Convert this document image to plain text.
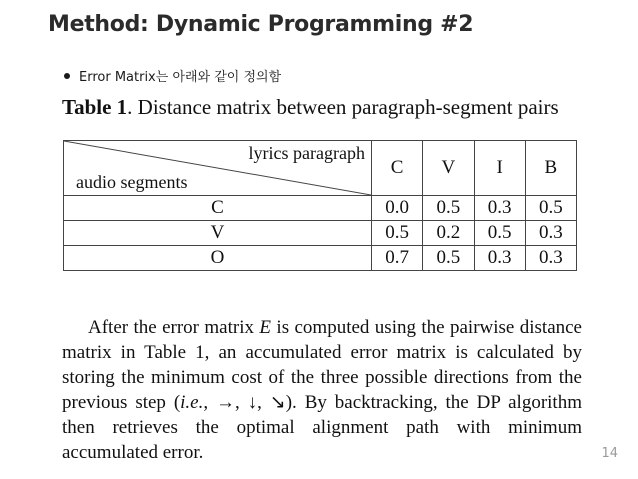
Method: Dynamic Programming #2
Error Matrix는 아래와 같이 정의함
Table 1. Distance matrix between paragraph-segment pairs
lyrics paragraph
audio segments	C	V	I	B
C	0.0	0.5	0.3	0.5
V	0.5	0.2	0.5	0.3
O	0.7	0.5	0.3	0.3

After the error matrix E is computed using the pairwise distance matrix in Table 1, an accumulated error matrix is calculated by storing the minimum cost of the three possible directions from the previous step (i.e., →, ↓, ↘). By backtracking, the DP algorithm then retrieves the optimal alignment path with minimum accumulated error.	14
